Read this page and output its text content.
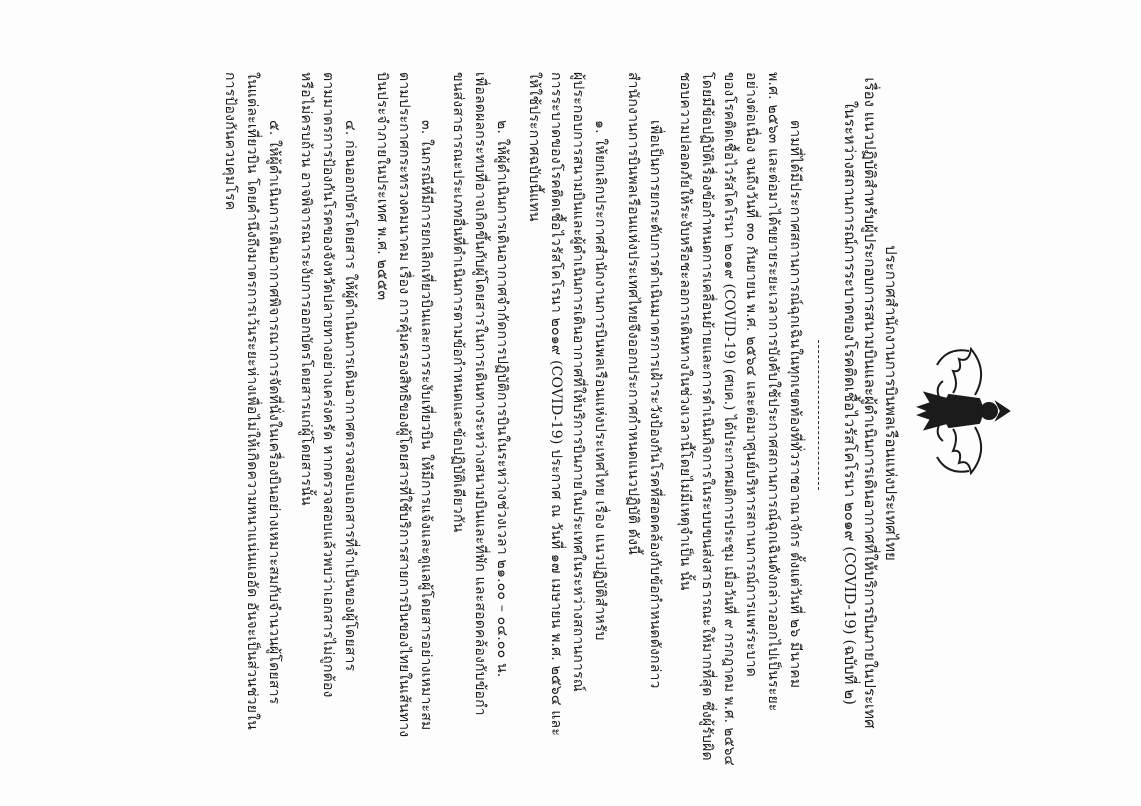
ประกาศสำนักงานการบินพลเรือนแห่งประเทศไทย
เรื่อง แนวปฏิบัติสำหรับผู้ประกอบการสนามบินและผู้ดำเนินการเดินอากาศที่ให้บริการบินภายในประเทศ
ในระหว่างสถานการณ์การระบาดของโรคติดเชื้อไวรัสโคโรนา ๒๐๑๙ (COVID-19) (ฉบับที่ ๒)
ตามที่ได้มีประกาศสถานการณ์ฉุกเฉินในทุกเขตท้องที่ทั่วราชอาณาจักร ตั้งแต่วันที่ ๒๖ มีนาคม
พ.ศ. ๒๕๖๓ และต่อมาได้ขยายระยะเวลาการบังคับใช้ประกาศสถานการณ์ฉุกเฉินดังกล่าวออกไปเป็นระยะ
อย่างต่อเนื่อง จนถึงวันที่ ๓๐ กันยายน พ.ศ. ๒๕๖๔ และต่อมาศูนย์บริหารสถานการณ์การแพร่ระบาด
ของโรคติดเชื้อไวรัสโคโรนา ๒๐๑๙ (COVID-19) (ศบค.) ได้ประกาศมติการประชุม เมื่อวันที่ ๙ กรกฎาคม พ.ศ. ๒๕๖๔
โดยมีข้อปฏิบัติเรื่องข้อกำหนดการเคลื่อนย้ายและการดำเนินกิจการในระบบขนส่งสาธารณะให้มากที่สุด ซึ่งผู้รับผิด
ชอบความปลอดภัยให้ระงับหรือชะลอการเดินทางในช่วงเวลานี้โดยไม่มีเหตุจำเป็น นั้น
เพื่อเป็นการยกระดับการดำเนินมาตรการเฝ้าระวังป้องกันโรคที่สอดคล้องกับข้อกำหนดดังกล่าว
สำนักงานการบินพลเรือนแห่งประเทศไทยจึงออกประกาศกำหนดแนวปฏิบัติ ดังนี้
๑. ให้ยกเลิกประกาศสำนักงานการบินพลเรือนแห่งประเทศไทย เรื่อง แนวปฏิบัติสำหรับ
ผู้ประกอบการสนามบินและผู้ดำเนินการเดินอากาศที่ให้บริการบินภายในประเทศในระหว่างสถานการณ์
การระบาดของโรคติดเชื้อไวรัสโคโรนา ๒๐๑๙ (COVID-19) ประกาศ ณ วันที่ ๑๗ เมษายน พ.ศ. ๒๕๖๔ และ
ให้ใช้ประกาศฉบับนี้แทน
๒. ให้ผู้ดำเนินการเดินอากาศจำกัดการปฏิบัติการบินในระหว่างช่วงเวลา ๒๑.๐๐ – ๐๔.๐๐ น.
เพื่อลดผลกระทบที่อาจเกิดขึ้นกับผู้โดยสารในการเดินทางระหว่างสนามบินและที่พัก และสอดคล้องกับข้อกำ
ขนส่งสาธารณะประเภทอื่นที่ดำเนินการตามข้อกำหนดและข้อปฏิบัติเดียวกัน
๓. ในกรณีที่มีการยกเลิกเที่ยวบินและการระงับเที่ยวบิน ให้มีการแจ้งและดูแลผู้โดยสารอย่างเหมาะสม
ตามประกาศกระทรวงคมนาคม เรื่อง การคุ้มครองสิทธิของผู้โดยสารที่ใช้บริการสายการบินของไทยในเส้นทาง
บินประจำภายในประเทศ พ.ศ. ๒๕๕๓
๔. ก่อนออกบัตรโดยสาร ให้ผู้ดำเนินการเดินอากาศตรวจสอบเอกสารที่จำเป็นของผู้โดยสาร
ตามมาตรการป้องกันโรคของจังหวัดปลายทางอย่างเคร่งครัด หากตรวจสอบแล้วพบว่าเอกสารไม่ถูกต้อง
หรือไม่ครบถ้วน อาจพิจารณาระงับการออกบัตรโดยสารแก่ผู้โดยสารนั้น
๕. ให้ผู้ดำเนินการเดินอากาศพิจารณาการจัดที่นั่งในเครื่องบินอย่างเหมาะสมกับจำนวนผู้โดยสาร
ในแต่ละเที่ยวบิน โดยคำนึงถึงมาตรการเว้นระยะห่างเพื่อไม่ให้เกิดความหนาแน่นแออัด อันจะเป็นส่วนช่วยใน
การป้องกันควบคุมโรค
